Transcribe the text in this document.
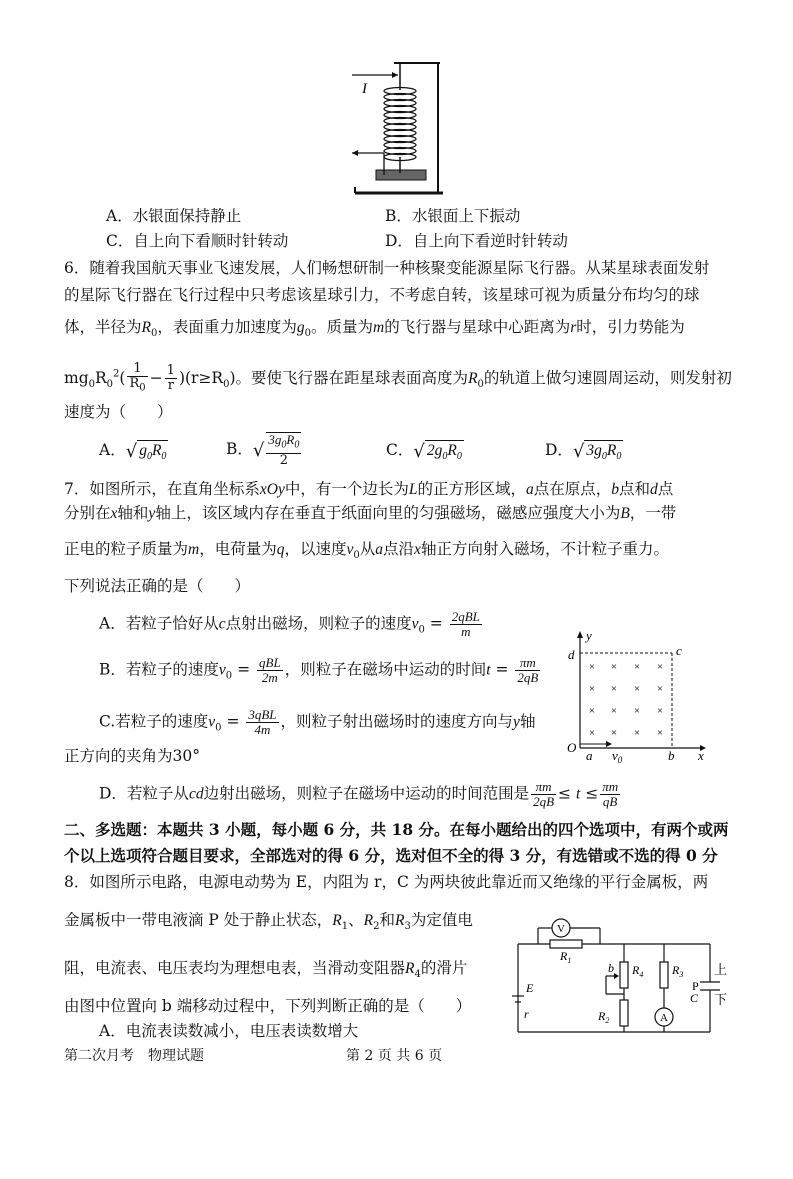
I
A．水银面保持静止	B．水银面上下振动
C．自上向下看顺时针转动	D．自上向下看逆时针转动
6．随着我国航天事业飞速发展，人们畅想研制一种核聚变能源星际飞行器。从某星球表面发射
的星际飞行器在飞行过程中只考虑该星球引力，不考虑自转，该星球可视为质量分布均匀的球
体，半径为$R_0$，表面重力加速度为$g_0$。质量为m的飞行器与星球中心距离为r时，引力势能为
$mg_0R_0^2( \frac{1}{R_0} - \frac{1}{r} )(r\ge R_0)$。要使飞行器在距星球表面高度为$R_0$的轨道上做匀速圆周运动，则发射初
速度为（　　）
A．√ $g_0R_0$	B．√ $\frac{3g_0R_0}{2}$	C．√ $2g_0R_0$	D．√ $3g_0R_0$
7．如图所示，在直角坐标系xOy中，有一个边长为L的正方形区域，a点在原点，b点和d点
分别在x轴和y轴上，该区域内存在垂直于纸面向里的匀强磁场，磁感应强度大小为B，一带
正电的粒子质量为m，电荷量为q，以速度$v_0$从a点沿x轴正方向射入磁场，不计粒子重力。
下列说法正确的是（　　）
A．若粒子恰好从c点射出磁场，则粒子的速度$v_0 = \frac{\text{2qBL}}{m}$
B．若粒子的速度$v_0 = \frac{\text{qBL}}{2m}$ ，则粒子在磁场中运动的时间$t = \frac{\pi m}{2qB}$
C.若粒子的速度$v_0 = \frac{\text{3qBL}}{4m}$ ，则粒子射出磁场时的速度方向与y轴
正方向的夹角为30°
D．若粒子从cd边射出磁场，则粒子在磁场中运动的时间范围是 $\frac{\pi m}{2qB} \le t \le \frac{\pi m}{qB}$
× × × ×
× × × ×
× × × ×
× × × ×
y
d	c
O
a $v_0$	b x
二、多选题：本题共 3 小题，每小题 6 分，共 18 分。在每小题给出的四个选项中，有两个或两
个以上选项符合题目要求，全部选对的得 6 分，选对但不全的得 3 分，有选错或不选的得 0 分
8．如图所示电路，电源电动势为 E，内阻为 r，C 为两块彼此靠近而又绝缘的平行金属板，两
金属板中一带电液滴 P 处于静止状态，$R_1$、$R_2$和$R_3$为定值电
阻，电流表、电压表均为理想电表，当滑动变阻器$R_4$的滑片
由图中位置向 b 端移动过程中，下列判断正确的是（　　）
A．电流表读数减小，电压表读数增大
V
A
$R_1$
b $R_4$
$R_2$
$R_3$
E
r
P
C
上
下
第二次月考　物理试题	第 2 页 共 6 页
